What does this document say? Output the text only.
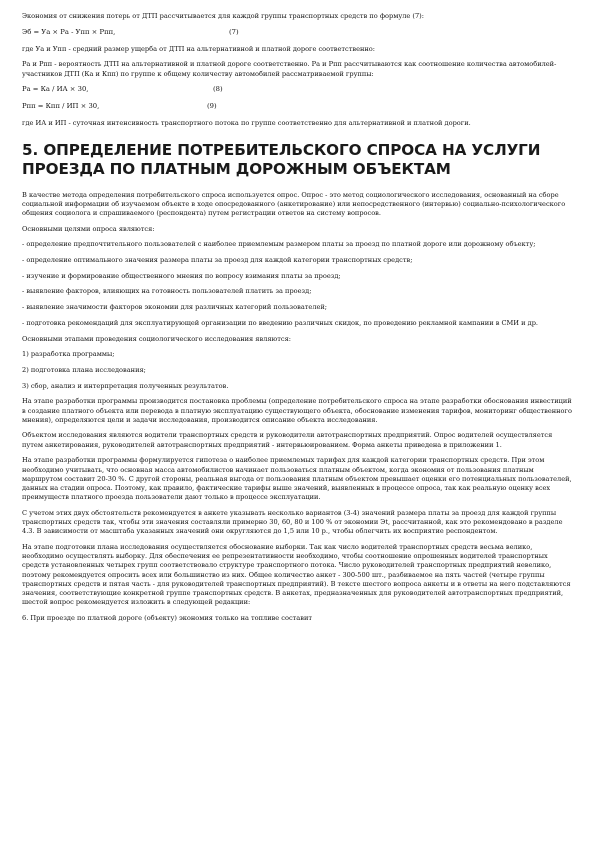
Экономия от снижения потерь от ДТП рассчитывается для каждой группы транспортных средств по формуле (7):

Эб = Уа × Ра - Упп × Рпп,	(7)

где Уа и Упп - средний размер ущерба от ДТП на альтернативной и платной дороге соответственно:

Ра и Рпп - вероятность ДТП на альтернативной и платной дороге соответственно. Ра и Рпп рассчитываются как соотношение количества автомобилей-участников ДТП (Ка и Кпп) по группе к общему количеству автомобилей рассматриваемой группы:

Ра = Ка / ИА × 30,	(8)
Рпп = Кпп / ИП × 30,	(9)

где ИА и ИП - суточная интенсивность транспортного потока по группе соответственно для альтернативной и платной дороги.

5. ОПРЕДЕЛЕНИЕ ПОТРЕБИТЕЛЬСКОГО СПРОСА НА УСЛУГИ ПРОЕЗДА ПО ПЛАТНЫМ ДОРОЖНЫМ ОБЪЕКТАМ

В качестве метода определения потребительского спроса используется опрос. Опрос - это метод социологического исследования, основанный на сборе социальной информации об изучаемом объекте в ходе опосредованного (анкетирование) или непосредственного (интервью) социально-психологического общения социолога и спрашиваемого (респондента) путем регистрации ответов на систему вопросов.

Основными целями опроса являются:

- определение предпочтительного пользователей с наиболее приемлемым размером платы за проезд по платной дороге или дорожному объекту;

- определение оптимального значения размера платы за проезд для каждой категории транспортных средств;

- изучение и формирование общественного мнения по вопросу взимания платы за проезд;

- выявление факторов, влияющих на готовность пользователей платить за проезд;

- выявление значимости факторов экономии для различных категорий пользователей;

- подготовка рекомендаций для эксплуатирующей организации по введению различных скидок, по проведению рекламной кампании в СМИ и др.

Основными этапами проведения социологического исследования являются:

1) разработка программы;

2) подготовка плана исследования;

3) сбор, анализ и интерпретация полученных результатов.

На этапе разработки программы производится постановка проблемы (определение потребительского спроса на этапе разработки обоснования инвестиций в создание платного объекта или перевода в платную эксплуатацию существующего объекта, обоснование изменения тарифов, мониторинг общественного мнения), определяются цели и задачи исследования, производится описание объекта исследования.

Объектом исследования являются водители транспортных средств и руководители автотранспортных предприятий. Опрос водителей осуществляется путем анкетирования, руководителей автотранспортных предприятий - интервьюированием. Форма анкеты приведена в приложении 1.

На этапе разработки программы формулируется гипотеза о наиболее приемлемых тарифах для каждой категории транспортных средств. При этом необходимо учитывать, что основная масса автомобилистов начинает пользоваться платным объектом, когда экономия от пользования платным маршрутом составит 20-30 %. С другой стороны, реальная выгода от пользования платным объектом превышает оценки его потенциальных пользователей, данных на стадии опроса. Поэтому, как правило, фактические тарифы выше значений, выявленных в процессе опроса, так как реальную оценку всех преимуществ платного проезда пользователи дают только в процессе эксплуатации.

С учетом этих двух обстоятельств рекомендуется в анкете указывать несколько вариантов (3-4) значений размера платы за проезд для каждой группы транспортных средств так, чтобы эти значения составляли примерно 30, 60, 80 и 100 % от экономии Эt, рассчитанной, как это рекомендовано в разделе 4.3. В зависимости от масштаба указанных значений они округляются до 1,5 или 10 р., чтобы облегчить их восприятие респондентом.

На этапе подготовки плана исследования осуществляется обоснование выборки. Так как число водителей транспортных средств весьма велико, необходимо осуществлять выборку. Для обеспечения ее репрезентативности необходимо, чтобы соотношение опрошенных водителей транспортных средств установленных четырех групп соответствовало структуре транспортного потока. Число руководителей транспортных предприятий невелико, поэтому рекомендуется опросить всех или большинство из них. Общее количество анкет - 300-500 шт., разбиваемое на пять частей (четыре группы транспортных средств и пятая часть - для руководителей транспортных предприятий). В тексте шестого вопроса анкеты и в ответы на него подставляются значения, соответствующие конкретной группе транспортных средств. В анкетах, предназначенных для руководителей автотранспортных предприятий, шестой вопрос рекомендуется изложить в следующей редакции:

6. При проезде по платной дороге (объекту) экономия только на топливе составит
